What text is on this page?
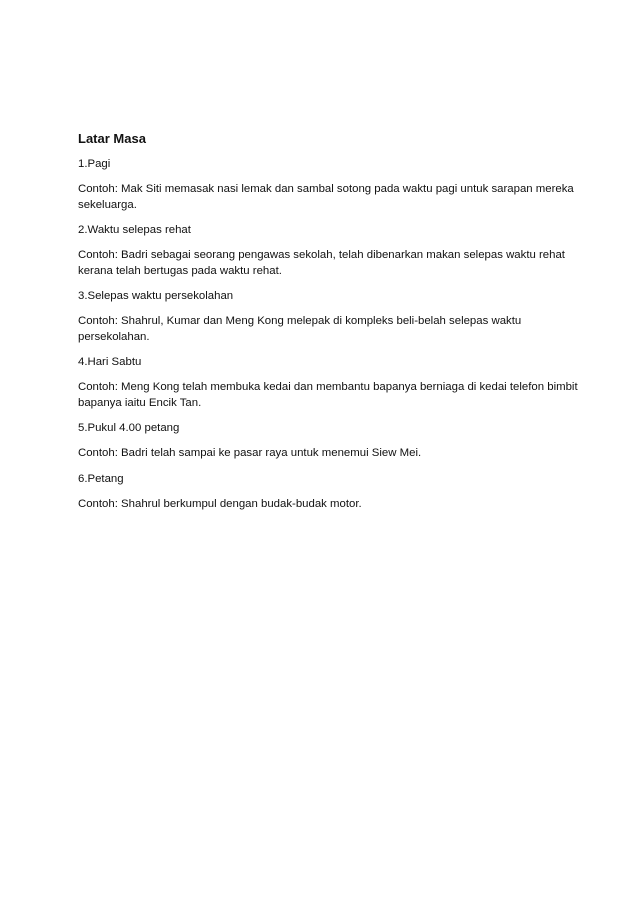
Latar Masa
1.Pagi
Contoh: Mak Siti memasak nasi lemak dan sambal sotong pada waktu pagi untuk sarapan mereka sekeluarga.
2.Waktu selepas rehat
Contoh: Badri sebagai seorang pengawas sekolah, telah dibenarkan makan selepas waktu rehat kerana telah bertugas pada waktu rehat.
3.Selepas waktu persekolahan
Contoh: Shahrul, Kumar dan Meng Kong melepak di kompleks beli-belah selepas waktu persekolahan.
4.Hari Sabtu
Contoh: Meng Kong telah membuka kedai dan membantu bapanya berniaga di kedai telefon bimbit bapanya iaitu Encik Tan.
5.Pukul 4.00 petang
Contoh: Badri telah sampai ke pasar raya untuk menemui Siew Mei.
6.Petang
Contoh: Shahrul berkumpul dengan budak-budak motor.
